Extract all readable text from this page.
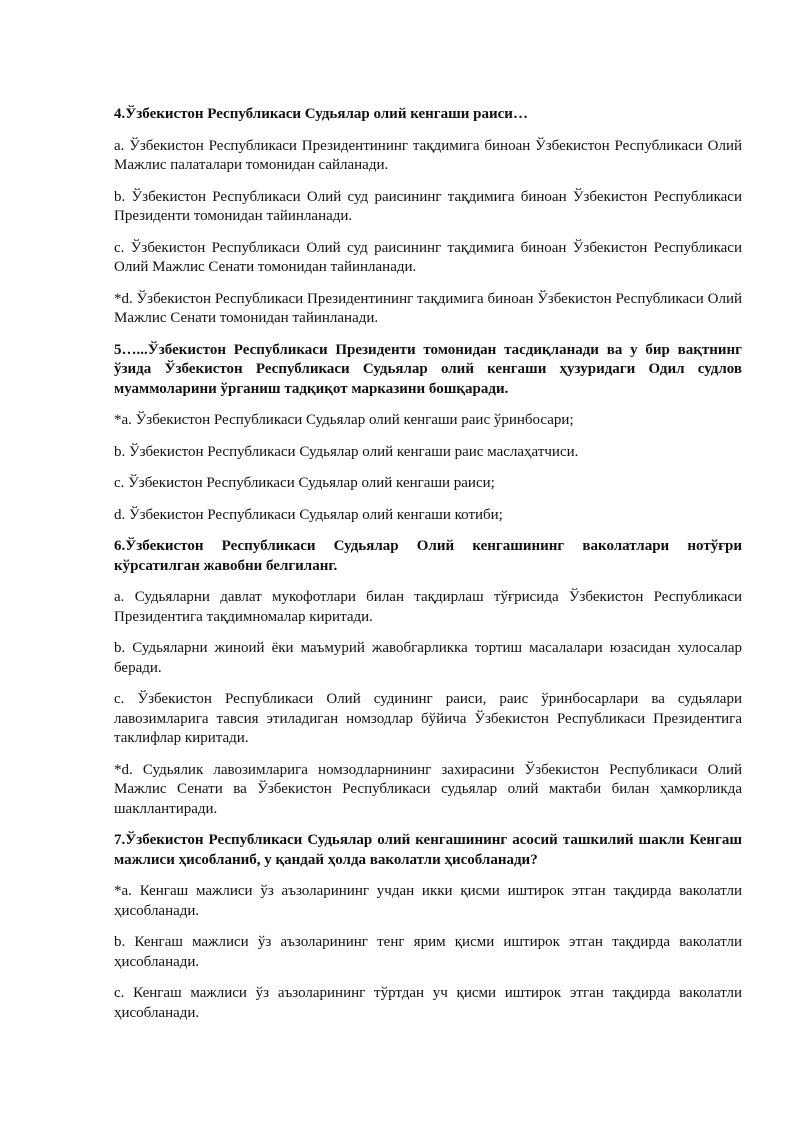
4.Ўзбекистон Республикаси Судьялар олий кенгаши раиси…

a. Ўзбекистон Республикаси Президентининг тақдимига биноан Ўзбекистон Республикаси Олий Мажлис палаталари томонидан сайланади.

b. Ўзбекистон Республикаси Олий суд раисининг тақдимига биноан Ўзбекистон Республикаси Президенти томонидан тайинланади.

c. Ўзбекистон Республикаси Олий суд раисининг тақдимига биноан Ўзбекистон Республикаси Олий Мажлис Сенати томонидан тайинланади.

*d. Ўзбекистон Республикаси Президентининг тақдимига биноан Ўзбекистон Республикаси Олий Мажлис Сенати томонидан тайинланади.

5…...Ўзбекистон Республикаси Президенти томонидан тасдиқланади ва у бир вақтнинг ўзида Ўзбекистон Республикаси Судьялар олий кенгаши ҳузуридаги Одил судлов муаммоларини ўрганиш тадқиқот марказини бошқаради.

*a. Ўзбекистон Республикаси Судьялар олий кенгаши раис ўринбосари;

b. Ўзбекистон Республикаси Судьялар олий кенгаши раис маслаҳатчиси.

c. Ўзбекистон Республикаси Судьялар олий кенгаши раиси;

d. Ўзбекистон Республикаси Судьялар олий кенгаши котиби;

6.Ўзбекистон Республикаси Судьялар Олий кенгашининг ваколатлари нотўғри кўрсатилган жавобни белгиланг.

a. Судьяларни давлат мукофотлари билан тақдирлаш тўғрисида Ўзбекистон Республикаси Президентига тақдимномалар киритади.

b. Судьяларни жиноий ёки маъмурий жавобгарликка тортиш масалалари юзасидан хулосалар беради.

c. Ўзбекистон Республикаси Олий судининг раиси, раис ўринбосарлари ва судьялари лавозимларига тавсия этиладиган номзодлар бўйича Ўзбекистон Республикаси Президентига таклифлар киритади.

*d. Судьялик лавозимларига номзодларнининг захирасини Ўзбекистон Республикаси Олий Мажлис Сенати ва Ўзбекистон Республикаси судьялар олий мактаби билан ҳамкорликда шакллантиради.

7.Ўзбекистон Республикаси Судьялар олий кенгашининг асосий ташкилий шакли Кенгаш мажлиси ҳисобланиб, у қандай ҳолда ваколатли ҳисобланади?

*a. Кенгаш мажлиси ўз аъзоларининг учдан икки қисми иштирок этган тақдирда ваколатли ҳисобланади.

b. Кенгаш мажлиси ўз аъзоларининг тенг ярим қисми иштирок этган тақдирда ваколатли ҳисобланади.

c. Кенгаш мажлиси ўз аъзоларининг тўртдан уч қисми иштирок этган тақдирда ваколатли ҳисобланади.
